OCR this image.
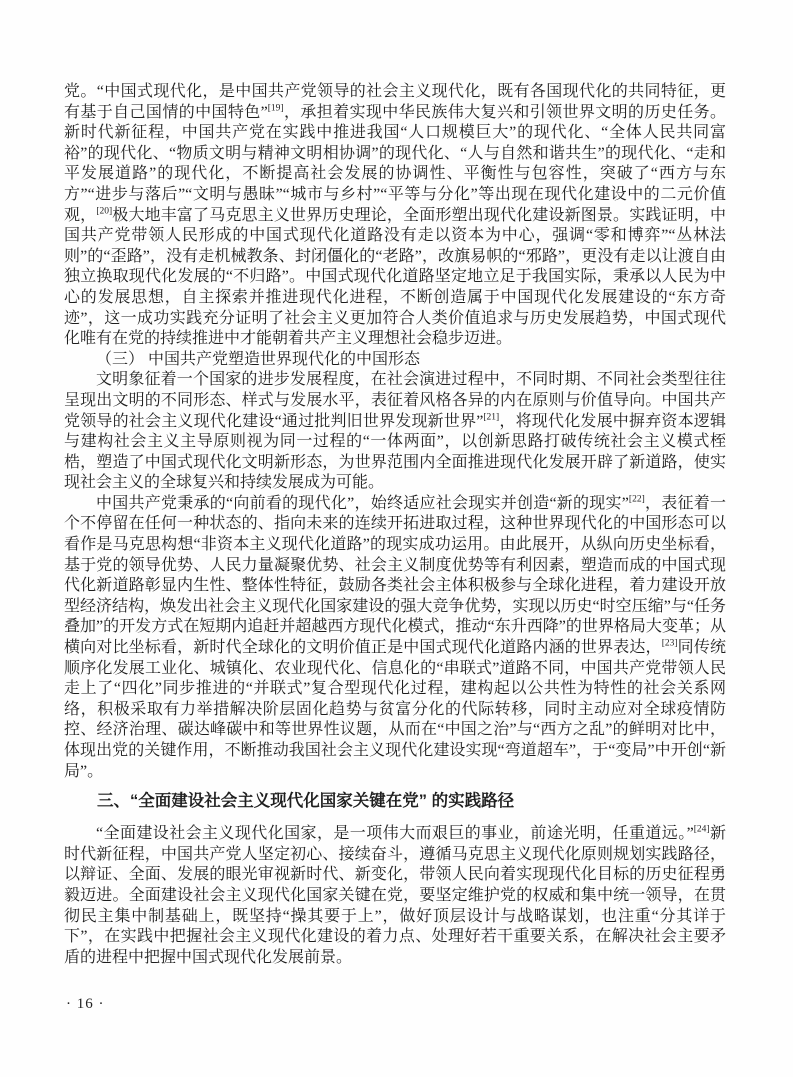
党。“中国式现代化，是中国共产党领导的社会主义现代化，既有各国现代化的共同特征，更有基于自己国情的中国特色”[19]，承担着实现中华民族伟大复兴和引领世界文明的历史任务。新时代新征程，中国共产党在实践中推进我国“人口规模巨大”的现代化、“全体人民共同富裕”的现代化、“物质文明与精神文明相协调”的现代化、“人与自然和谐共生”的现代化、“走和平发展道路”的现代化，不断提高社会发展的协调性、平衡性与包容性，突破了“西方与东方”“进步与落后”“文明与愚昧”“城市与乡村”“平等与分化”等出现在现代化建设中的二元价值观，[20]极大地丰富了马克思主义世界历史理论，全面形塑出现代化建设新图景。实践证明，中国共产党带领人民形成的中国式现代化道路没有走以资本为中心，强调“零和博弈”“丛林法则”的“歪路”，没有走机械教条、封闭僵化的“老路”，改旗易帜的“邪路”，更没有走以让渡自由独立换取现代化发展的“不归路”。中国式现代化道路坚定地立足于我国实际，秉承以人民为中心的发展思想，自主探索并推进现代化进程，不断创造属于中国现代化发展建设的“东方奇迹”，这一成功实践充分证明了社会主义更加符合人类价值追求与历史发展趋势，中国式现代化唯有在党的持续推进中才能朝着共产主义理想社会稳步迈进。

（三） 中国共产党塑造世界现代化的中国形态

文明象征着一个国家的进步发展程度，在社会演进过程中，不同时期、不同社会类型往往呈现出文明的不同形态、样式与发展水平，表征着风格各异的内在原则与价值导向。中国共产党领导的社会主义现代化建设“通过批判旧世界发现新世界”[21]，将现代化发展中摒弃资本逻辑与建构社会主义主导原则视为同一过程的“一体两面”，以创新思路打破传统社会主义模式桎梏，塑造了中国式现代化文明新形态，为世界范围内全面推进现代化发展开辟了新道路，使实现社会主义的全球复兴和持续发展成为可能。

中国共产党秉承的“向前看的现代化”，始终适应社会现实并创造“新的现实”[22]，表征着一个不停留在任何一种状态的、指向未来的连续开拓进取过程，这种世界现代化的中国形态可以看作是马克思构想“非资本主义现代化道路”的现实成功运用。由此展开，从纵向历史坐标看，基于党的领导优势、人民力量凝聚优势、社会主义制度优势等有利因素，塑造而成的中国式现代化新道路彰显内生性、整体性特征，鼓励各类社会主体积极参与全球化进程，着力建设开放型经济结构，焕发出社会主义现代化国家建设的强大竞争优势，实现以历史“时空压缩”与“任务叠加”的开发方式在短期内追赶并超越西方现代化模式，推动“东升西降”的世界格局大变革；从横向对比坐标看，新时代全球化的文明价值正是中国式现代化道路内涵的世界表达，[23]同传统顺序化发展工业化、城镇化、农业现代化、信息化的“串联式”道路不同，中国共产党带领人民走上了“四化”同步推进的“并联式”复合型现代化过程，建构起以公共性为特性的社会关系网络，积极采取有力举措解决阶层固化趋势与贫富分化的代际转移，同时主动应对全球疫情防控、经济治理、碳达峰碳中和等世界性议题，从而在“中国之治”与“西方之乱”的鲜明对比中，体现出党的关键作用，不断推动我国社会主义现代化建设实现“弯道超车”，于“变局”中开创“新局”。

三、“全面建设社会主义现代化国家关键在党” 的实践路径

“全面建设社会主义现代化国家，是一项伟大而艰巨的事业，前途光明，任重道远。”[24]新时代新征程，中国共产党人坚定初心、接续奋斗，遵循马克思主义现代化原则规划实践路径，以辩证、全面、发展的眼光审视新时代、新变化，带领人民向着实现现代化目标的历史征程勇毅迈进。全面建设社会主义现代化国家关键在党，要坚定维护党的权威和集中统一领导，在贯彻民主集中制基础上，既坚持“操其要于上”，做好顶层设计与战略谋划，也注重“分其详于下”，在实践中把握社会主义现代化建设的着力点、处理好若干重要关系，在解决社会主要矛盾的进程中把握中国式现代化发展前景。

· 16 ·
